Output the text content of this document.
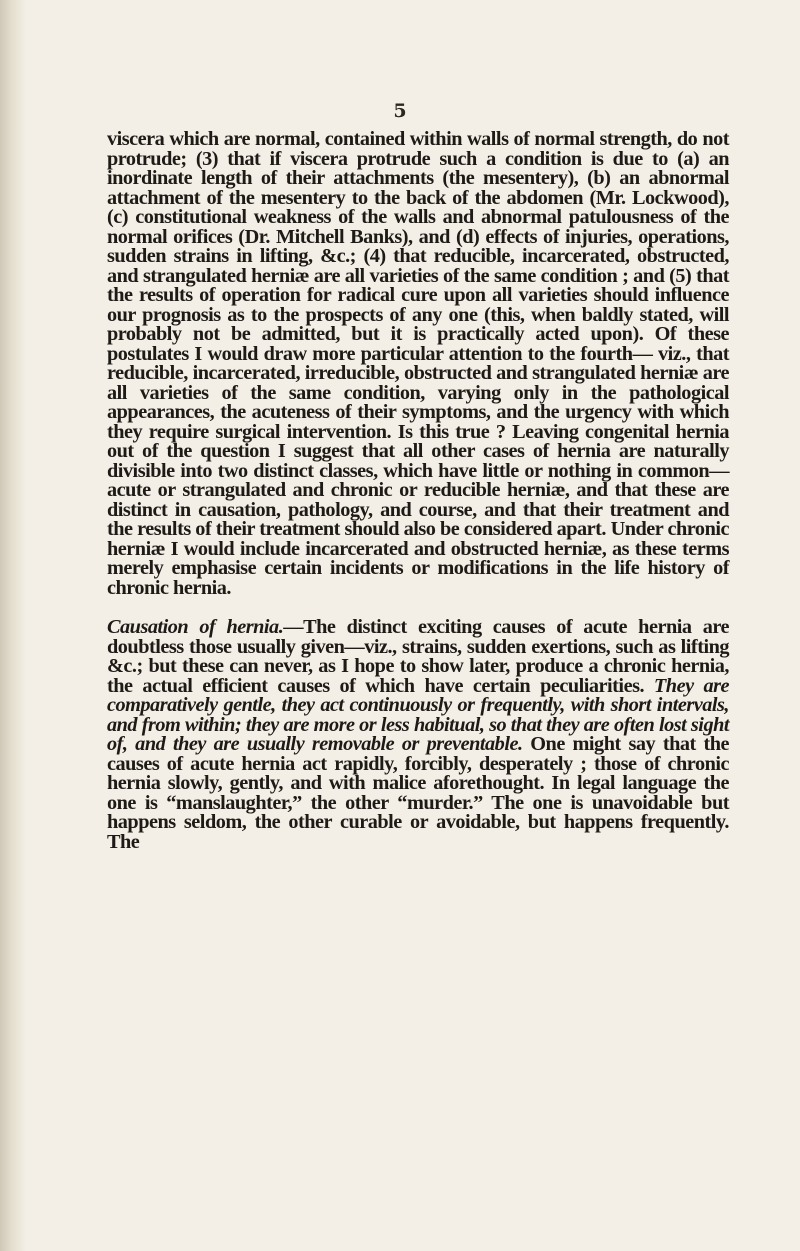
5

viscera which are normal, contained within walls of normal strength, do not protrude; (3) that if viscera protrude such a condition is due to (a) an inordinate length of their attachments (the mesentery), (b) an abnormal attachment of the mesentery to the back of the abdomen (Mr. Lockwood), (c) constitutional weakness of the walls and abnormal patulousness of the normal orifices (Dr. Mitchell Banks), and (d) effects of injuries, operations, sudden strains in lifting, &c.; (4) that reducible, incarcerated, obstructed, and strangulated herniæ are all varieties of the same condition ; and (5) that the results of operation for radical cure upon all varieties should influence our prognosis as to the prospects of any one (this, when baldly stated, will probably not be admitted, but it is practically acted upon). Of these postulates I would draw more particular attention to the fourth— viz., that reducible, incarcerated, irreducible, obstructed and strangulated herniæ are all varieties of the same condition, varying only in the pathological appearances, the acuteness of their symptoms, and the urgency with which they require surgical intervention. Is this true ? Leaving congenital hernia out of the question I suggest that all other cases of hernia are naturally divisible into two distinct classes, which have little or nothing in common—acute or strangulated and chronic or reducible herniæ, and that these are distinct in causation, pathology, and course, and that their treatment and the results of their treatment should also be considered apart. Under chronic herniæ I would include incarcerated and obstructed herniæ, as these terms merely emphasise certain incidents or modifications in the life history of chronic hernia.

Causation of hernia.—The distinct exciting causes of acute hernia are doubtless those usually given—viz., strains, sudden exertions, such as lifting &c.; but these can never, as I hope to show later, produce a chronic hernia, the actual efficient causes of which have certain peculiarities. They are comparatively gentle, they act continuously or frequently, with short intervals, and from within; they are more or less habitual, so that they are often lost sight of, and they are usually removable or preventable. One might say that the causes of acute hernia act rapidly, forcibly, desperately ; those of chronic hernia slowly, gently, and with malice aforethought. In legal language the one is “manslaughter,” the other “murder.” The one is unavoidable but happens seldom, the other curable or avoidable, but happens frequently. The
